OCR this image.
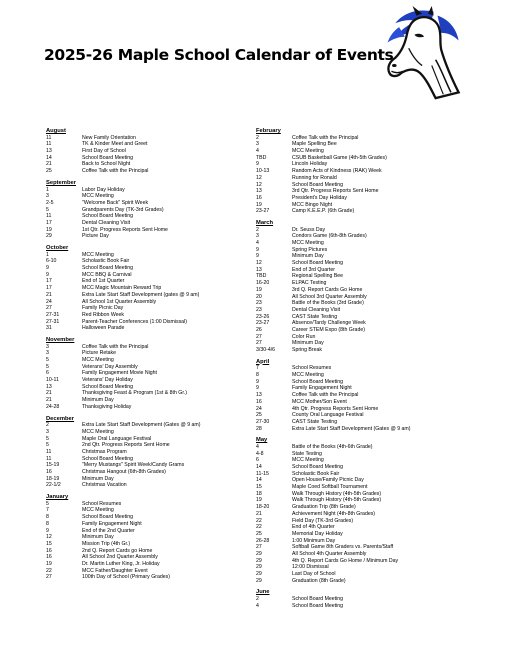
2025-26 Maple School Calendar of Events
August
11	New Family Orientation
11	TK & Kinder Meet and Greet
13	First Day of School
14	School Board Meeting
21	Back to School Night
25	Coffee Talk with the Principal
September
1	Labor Day Holiday
3	MCC Meeting
2-5	"Welcome Back" Spirit Week
5	Grandparents Day (TK-3rd Grades)
11	School Board Meeting
17	Dental Cleaning Visit
19	1st Qtr. Progress Reports Sent Home
29	Picture Day
October
1	MCC Meeting
6-10	Scholastic Book Fair
9	School Board Meeting
9	MCC BBQ & Carnival
17	End of 1st Quarter
17	MCC Magic Mountain Reward Trip
21	Extra Late Start Staff Development (gates @ 9 am)
24	All School 1st Quarter Assembly
27	Family Picnic Day
27-31	Red Ribbon Week
27-31	Parent-Teacher Conferences (1:00 Dismissal)
31	Halloween Parade
November
3	Coffee Talk with the Principal
3	Picture Retake
5	MCC Meeting
5	Veterans' Day Assembly
6	Family Engagement Movie Night
10-11	Veterans' Day Holiday
13	School Board Meeting
21	Thanksgiving Feast & Program (1st & 8th Gr.)
21	Minimum Day
24-28	Thanksgiving Holiday
December
2	Extra Late Start Staff Development (Gates @ 9 am)
3	MCC Meeting
5	Maple Oral Language Festival
5	2nd Qtr. Progress Reports Sent Home
11	Christmas Program
11	School Board Meeting
15-19	"Merry Mustangs" Spirit Week/Candy Grams
16	Christmas Hangout (6th-8th Grades)
18-19	Minimum Day
22-1/2	Christmas Vacation
January
5	School Resumes
7	MCC Meeting
8	School Board Meeting
8	Family Engagement Night
9	End of the 2nd Quarter
12	Minimum Day
15	Mission Trip (4th Gr.)
16	2nd Q. Report Cards go Home
16	All School 2nd Quarter Assembly
19	Dr. Martin Luther King, Jr. Holiday
22	MCC Father/Daughter Event
27	100th Day of School (Primary Grades)
February
2	Coffee Talk with the Principal
3	Maple Spelling Bee
4	MCC Meeting
TBD	CSUB Basketball Game (4th-5th Grades)
9	Lincoln Holiday
10-13	Random Acts of Kindness (RAK) Week
12	Running for Ronald
12	School Board Meeting
13	3rd Qtr. Progress Reports Sent Home
16	President's Day Holiday
19	MCC Bingo Night
23-27	Camp K.E.E.P. (6th Grade)
March
2	Dr. Seuss Day
3	Condors Game (6th-8th Grades)
4	MCC Meeting
9	Spring Pictures
9	Minimum Day
12	School Board Meeting
13	End of 3rd Quarter
TBD	Regional Spelling Bee
16-20	ELPAC Testing
19	3rd Q. Report Cards Go Home
20	All School 3rd Quarter Assembly
23	Battle of the Books (3rd Grade)
23	Dental Cleaning Visit
23-26	CAST State Testing
23-27	Absence/Tardy Challenge Week
26	Career STEM Expo (8th Grade)
27	Color Run
27	Minimum Day
3/30-4/6	Spring Break
April
7	School Resumes
8	MCC Meeting
9	School Board Meeting
9	Family Engagement Night
13	Coffee Talk with the Principal
16	MCC Mother/Son Event
24	4th Qtr. Progress Reports Sent Home
25	County Oral Language Festival
27-30	CAST State Testing
28	Extra Late Start Staff Development (Gates @ 9 am)
May
4	Battle of the Books (4th-6th Grade)
4-8	State Testing
6	MCC Meeting
14	School Board Meeting
11-15	Scholastic Book Fair
14	Open House/Family Picnic Day
15	Maple Coed Softball Tournament
18	Walk Through History (4th-5th Grades)
19	Walk Through History (4th-5th Grades)
18-20	Graduation Trip (8th Grade)
21	Achievement Night (4th-8th Grades)
22	Field Day (TK-3rd Grades)
22	End of 4th Quarter
25	Memorial Day Holiday
26-28	1:00 Minimum Day
27	Softball Game 8th Graders vs. Parents/Staff
29	All School 4th Quarter Assembly
29	4th Q. Report Cards Go Home / Minimum Day
29	12:00 Dismissal
29	Last Day of School
29	Graduation (8th Grade)
June
2	School Board Meeting
4	School Board Meeting
